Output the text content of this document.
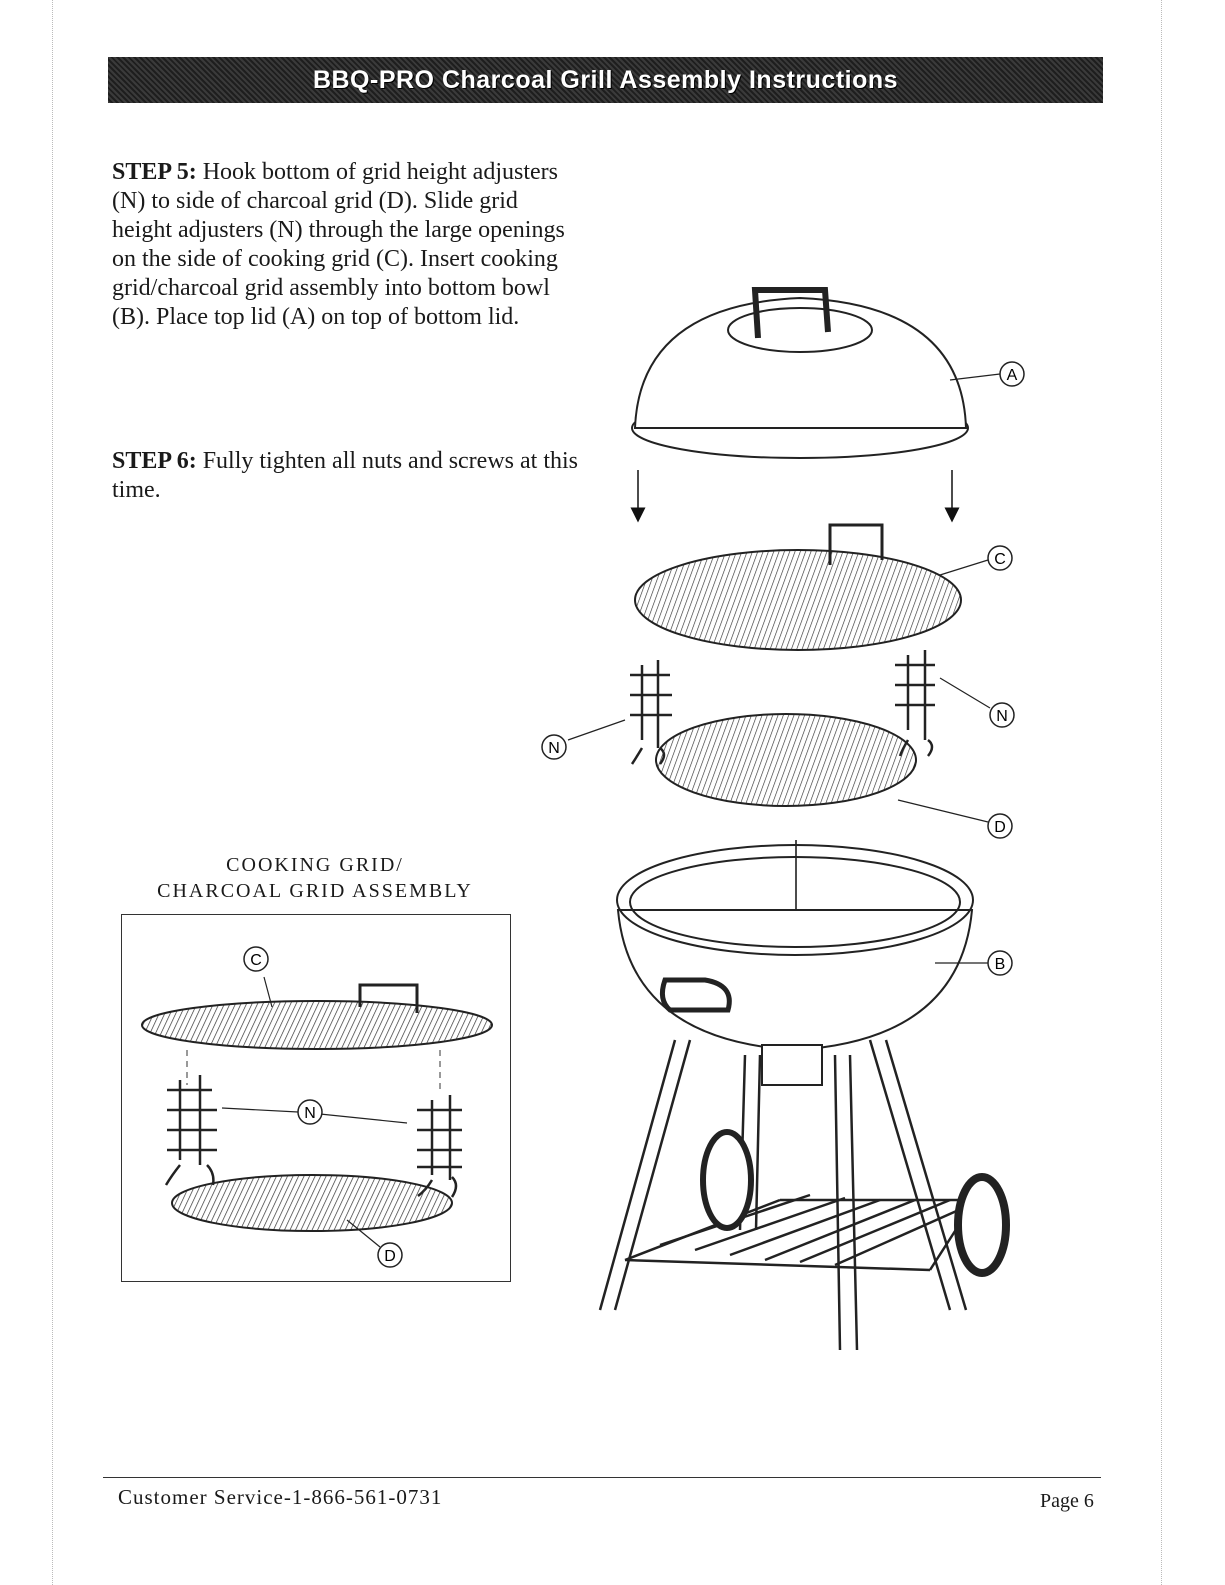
BBQ-PRO Charcoal Grill Assembly Instructions
STEP 5: Hook bottom of grid height adjusters (N) to side of charcoal grid (D). Slide grid height adjusters (N) through the large openings on the side of cooking grid (C). Insert cooking grid/charcoal grid assembly into bottom bowl (B). Place top lid (A) on top of bottom lid.
STEP 6: Fully tighten all nuts and screws at this time.
COOKING GRID/
CHARCOAL GRID ASSEMBLY
C
N
D
A
C
N
N
D
B
Customer Service-1-866-561-0731	Page 6
